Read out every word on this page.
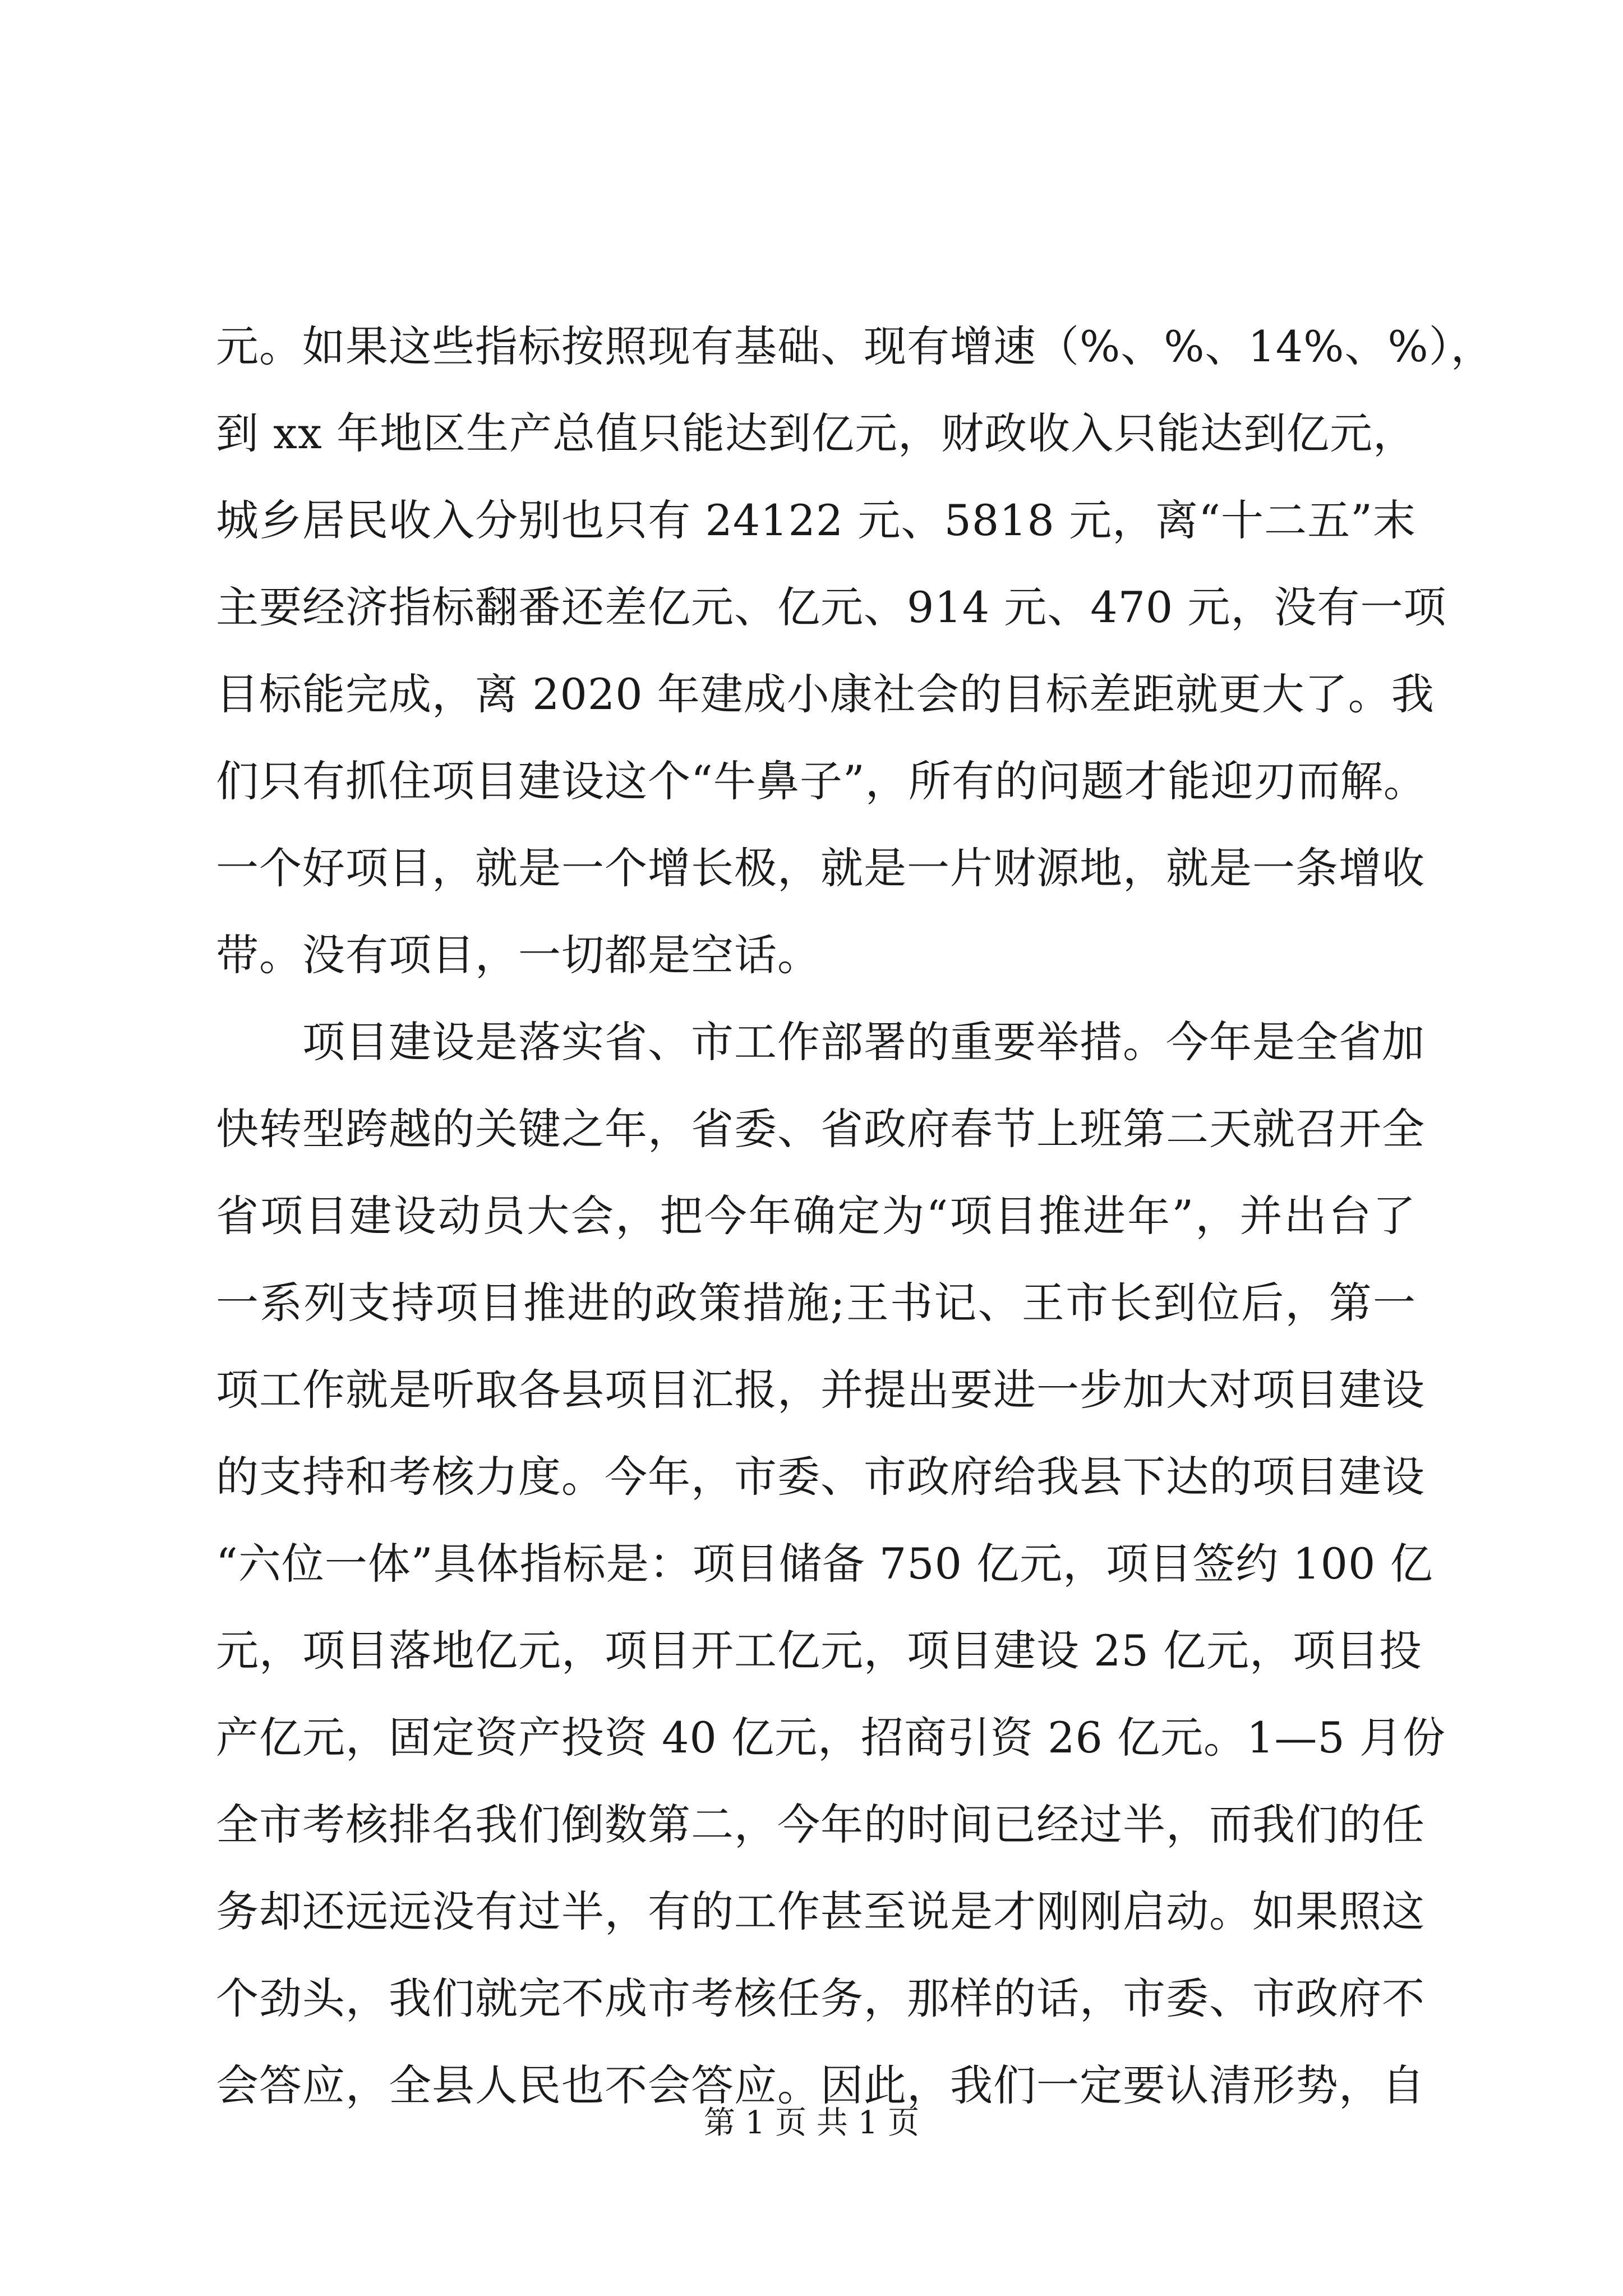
元。如果这些指标按照现有基础、现有增速（%、%、14%、%），
到 xx 年地区生产总值只能达到亿元，财政收入只能达到亿元，
城乡居民收入分别也只有 24122 元、5818 元，离“十二五”末
主要经济指标翻番还差亿元、亿元、914 元、470 元，没有一项
目标能完成，离 2020 年建成小康社会的目标差距就更大了。我
们只有抓住项目建设这个“牛鼻子”，所有的问题才能迎刃而解。
一个好项目，就是一个增长极，就是一片财源地，就是一条增收
带。没有项目，一切都是空话。
　　项目建设是落实省、市工作部署的重要举措。今年是全省加
快转型跨越的关键之年，省委、省政府春节上班第二天就召开全
省项目建设动员大会，把今年确定为“项目推进年”，并出台了
一系列支持项目推进的政策措施;王书记、王市长到位后，第一
项工作就是听取各县项目汇报，并提出要进一步加大对项目建设
的支持和考核力度。今年，市委、市政府给我县下达的项目建设
“六位一体”具体指标是：项目储备 750 亿元，项目签约 100 亿
元，项目落地亿元，项目开工亿元，项目建设 25 亿元，项目投
产亿元，固定资产投资 40 亿元，招商引资 26 亿元。1—5 月份
全市考核排名我们倒数第二，今年的时间已经过半，而我们的任
务却还远远没有过半，有的工作甚至说是才刚刚启动。如果照这
个劲头，我们就完不成市考核任务，那样的话，市委、市政府不
会答应，全县人民也不会答应。因此，我们一定要认清形势，自
第 1 页 共 1 页
